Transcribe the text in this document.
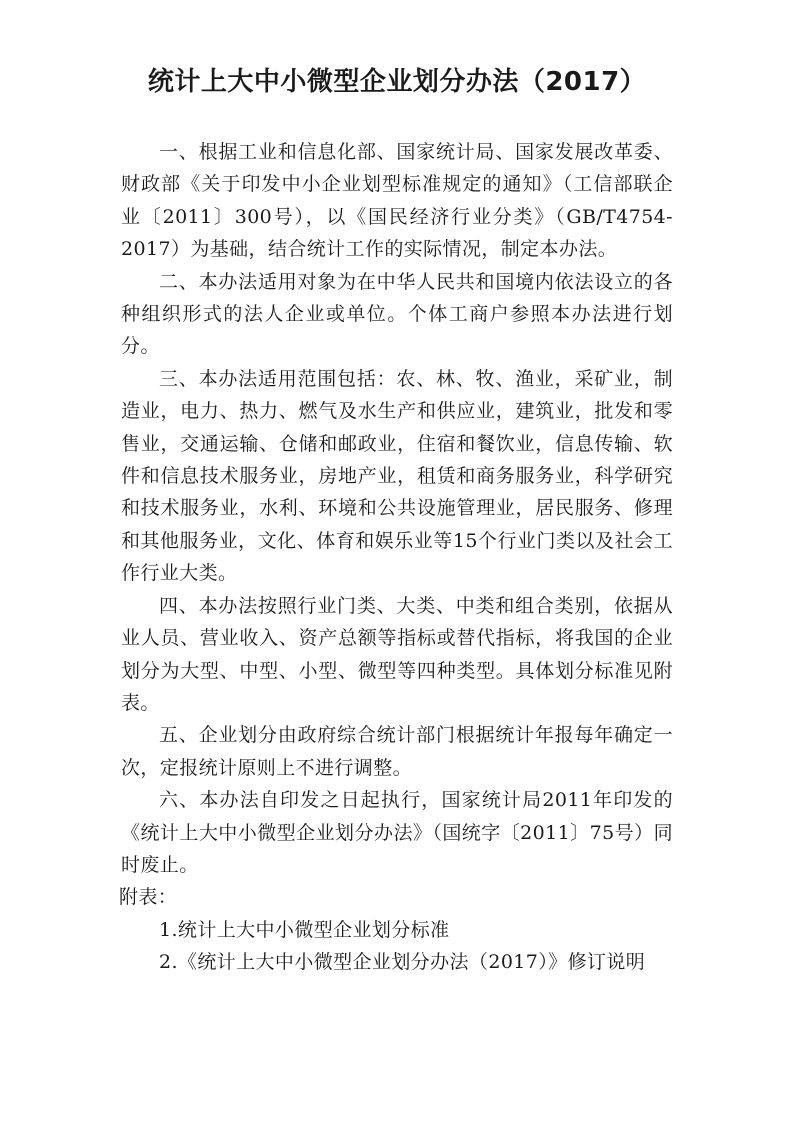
统计上大中小微型企业划分办法（2017）

一、根据工业和信息化部、国家统计局、国家发展改革委、财政部《关于印发中小企业划型标准规定的通知》（工信部联企业〔2011〕300号），以《国民经济行业分类》（GB/T4754-2017）为基础，结合统计工作的实际情况，制定本办法。

二、本办法适用对象为在中华人民共和国境内依法设立的各种组织形式的法人企业或单位。个体工商户参照本办法进行划分。

三、本办法适用范围包括：农、林、牧、渔业，采矿业，制造业，电力、热力、燃气及水生产和供应业，建筑业，批发和零售业，交通运输、仓储和邮政业，住宿和餐饮业，信息传输、软件和信息技术服务业，房地产业，租赁和商务服务业，科学研究和技术服务业，水利、环境和公共设施管理业，居民服务、修理和其他服务业，文化、体育和娱乐业等15个行业门类以及社会工作行业大类。

四、本办法按照行业门类、大类、中类和组合类别，依据从业人员、营业收入、资产总额等指标或替代指标，将我国的企业划分为大型、中型、小型、微型等四种类型。具体划分标准见附表。

五、企业划分由政府综合统计部门根据统计年报每年确定一次，定报统计原则上不进行调整。

六、本办法自印发之日起执行，国家统计局2011年印发的《统计上大中小微型企业划分办法》（国统字〔2011〕75号）同时废止。

附表：

1.统计上大中小微型企业划分标准

2.《统计上大中小微型企业划分办法（2017）》修订说明
